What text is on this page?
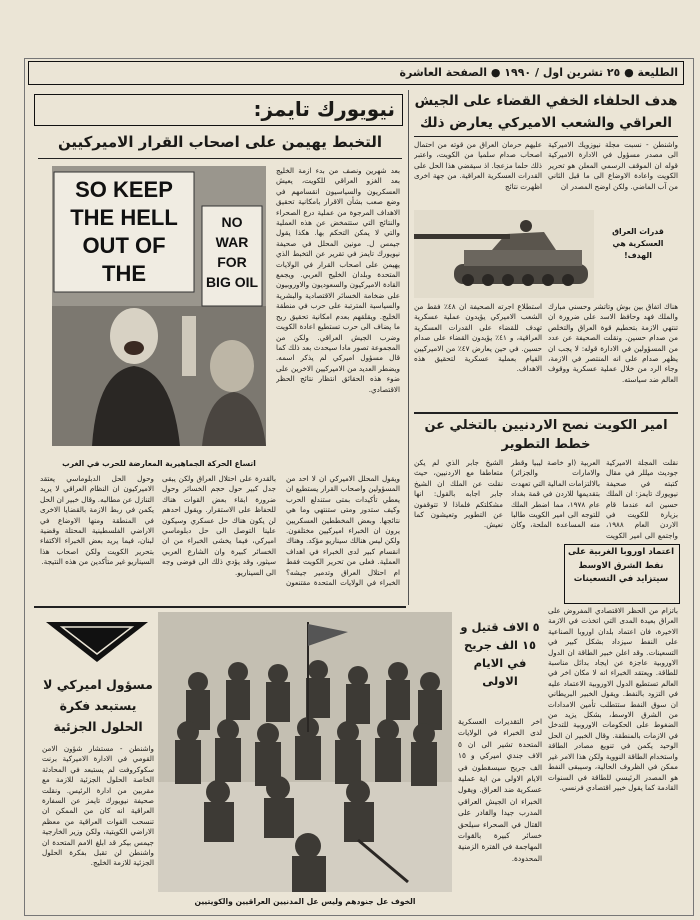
الطليعة ● ٢٥ تشرين اول / ١٩٩٠ ● الصفحة العاشرة
نيويورك تايمز:
التخبط يهيمن على اصحاب القرار الاميركيين
SO KEEP THE HELL OUT OF THE
NO WAR FOR BIG OIL
اتساع الحركة الجماهيرية المعارضة للحرب في الغرب
بعد شهرين ونصف من بدء ازمة الخليج بعد الغزو العراقي للكويت، يعيش العسكريون والسياسيون انقسامهم في وضع صعب بشأن الاقرار بامكانية تحقيق الاهداف المرجوة من عملية درع الصحراء والنتائج التي ستتمخض عن هذه العملية والتي لا يمكن التحكم بها. هكذا يقول جيمس ل. مونين المحلل في صحيفة نيويورك تايمز في تقرير عن التخبط الذي يهيمن على اصحاب القرار في الولايات المتحدة وبلدان الخليج العربي. ويجمع القادة الاميركيون والسعوديون والاوروبيون على ضخامة الخسائر الاقتصادية والبشرية والسياسية المترتبة على حرب في منطقة الخليج. ويقلقهم بعدم امكانية تحقيق ربح ما يضاف الى حرب تستطيع اعادة الكويت وضرب الجيش العراقي. ولكن من المجموعة تصور مادا سيحدث بعد ذلك كما قال مسؤول اميركي لم يذكر اسمه. ويضطر العديد من الاميركيين الاخرين على ضوء هذه الحقائق انتظار نتائج الحظر الاقتصادي.
ويقول المحلل الاميركي ان لا احد من المسؤولين واصحاب القرار يستطيع ان يعطي تأكيدات بمتى ستندلع الحرب وكيف ستدور ومتى ستنتهي وما هي نتائجها. وبعض المخططين العسكريين يرون ان الخبراء اميركيين مختلفون. ولكن ليس هنالك سيناريو مؤكد. وهناك انقسام كبير لدى الخبراء في اهداف العملية. فعلى من تحرير الكويت فقط ام احتلال العراق وتدمير جيشه؟ الخبراء في الولايات المتحدة مقتنعون بالقدرة على احتلال العراق ولكن يبقى جدل كبير حول حجم الخسائر وحول ضرورة ابقاء بعض القوات هناك للحفاظ على الاستقرار. ويقول احدهم لن يكون هناك حل عسكري وسيكون علينا التوصل الى حل دبلوماسي اميركي، فيما يخشى الخبراء من ان الخسائر كبيرة وان الشارع العربي سيثور، وقد يؤدي ذلك الى فوضى وجه الى السيناريو.
وحول الحل الدبلوماسي يعتقد الاميركيون ان النظام العراقي لا يريد التنازل عن مطالبه. وقال خبير ان الحل يكمن في ربط الازمة بالقضايا الاخرى في المنطقة ومنها الاوضاع في الاراضي الفلسطينية المحتلة وقضية لبنان، فيما يريد بعض الخبراء الاكتفاء بتحرير الكويت ولكن اصحاب هذا السيناريو غير متأكدين من هذه النتيجة.
مسؤول اميركي لا يستبعد فكرة الحلول الجزئية
واشنطن - مستشار شؤون الامن القومي في الادارة الاميركية برنت سكوكروفت لم يستبعد في المحادثة الخاصة الحلول الجزئية للازمة مع مقربين من ادارة الرئيس. ونقلت صحيفة نيويورك تايمز عن السفارة العراقية انه كان من الممكن ان تنسحب القوات العراقية من معظم الاراضي الكويتية، ولكن وزير الخارجية جيمس بيكر قد ابلغ الامم المتحدة ان واشنطن لن تقبل بفكرة الحلول الجزئية للازمة الخليج.
الخوف عل جنودهم وليس عل المدنيين العراقيين والكويتيين
٥ الاف قتيل و ١٥ الف جريح في الايام الاولى
اخر التقديرات العسكرية لدى الخبراء في الولايات المتحدة تشير الى ان ٥ الاف جندي اميركي و ١٥ الف جريح سيسقطون في الايام الاولى من اية عملية عسكرية ضد العراق. ويقول الخبراء ان الجيش العراقي المدرب جيدا والقادر على القتال في الصحراء سيلحق خسائر كبيرة بالقوات المهاجمة في الفترة الزمنية المحدودة.
هدف الحلفاء الخفي القضاء على الجيش العراقي والشعب الاميركي يعارض ذلك
واشنطن - نسبت مجلة نيوزويك الاميركية الى مصدر مسؤول في الادارة الاميركية قوله ان الموقف الرسمي المعلن هو تحرير الكويت واعادة الاوضاع الى ما قبل الثاني من آب الماضي. ولكن اوضح المصدر ان
عليهم حرمان العراق من قوته من احتمال اصحاب صدام سلميا من الكويت، واعتبر ذلك حلما مزعجا. اذ سيقضي هذا الحل على القدرات العسكرية العراقية. من جهة اخرى اظهرت نتائج
قدرات العراق العسكرية هي الهدف!
استطلاع اجرته الصحيفة ان ٤٨٪ فقط من الشعب الاميركي يؤيدون عملية عسكرية تهدف للقضاء على القدرات العسكرية العراقية، و ٤١٪ يؤيدون القضاء على صدام حسين. في حين يعارض ٤٧٪ من الاميركيين القيام بعملية عسكرية لتحقيق هذه الاهداف.
هناك اتفاق بين بوش وتاتشر وحسني مبارك والملك فهد وحافظ الاسد على ضرورة ان تنتهي الازمة بتحطيم قوة العراق والتخلص من صدام حسين. ونقلت الصحيفة عن عدد من المسؤولين في الادارة قوله: لا يجب ان يظهر صدام على انه المنتصر في الازمة، وجاء الرد من خلال عملية عسكرية ووقوف العالم ضد سياسته.
امير الكويت نصح الاردنيين بالتخلي عن خطط التطوير
العربية (او خاصة ليبيا وقطر والامارات والجزائر) بالالتزامات المالية التي تعهدت بتقديمها للاردن في قمة بغداد عام ١٩٧٨، مما اضطر الملك للتوجه الى امير الكويت طالبا منه المساعدة الملحة، وكان الشيخ جابر الذي لم يكن متعاطفا مع الاردنيين، حيث نقلت عن الملك ان الشيخ جابر اجابه بالقول: انها مشكلتكم فلماذا لا تتوقفون عن التطوير وتعيشون كما نعيش.
نقلت المجلة الاميركية جوديث ميللر في مقال كتبته في صحيفة نيويورك تايمز: ان الملك حسين انه عندما قام بزيارة للكويت في الاردن العام ١٩٨٨، واجتمع الى امير الكويت
اعتماد اوروبا الغربية على نفط الشرق الاوسط سيتزايد في التسعينات
باتزام من الحظر الاقتصادي المفروض على العراق بعيدة المدى التي اتخذت في الازمة الاخيرة، فان اعتماد بلدان اوروبا الصناعية على النفط سيزداد بشكل كبير في التسعينات. وقد اعلن خبير الطاقة ان الدول الاوروبية عاجزة عن ايجاد بدائل مناسبة للطاقة. ويعتقد الخبراء انه لا مكان اخر في العالم تستطيع الدول الاوروبية الاعتماد عليه في التزود بالنفط. ويقول الخبير البريطاني ان سوق النفط ستتطلب تأمين الامدادات من الشرق الاوسط، بشكل يزيد من الضغوط على الحكومات الاوروبية للتدخل في الازمات بالمنطقة. وقال الخبير ان الحل الوحيد يكمن في تنويع مصادر الطاقة واستخدام الطاقة النووية ولكن هذا الامر غير ممكن في الظروف الحالية، وسيبقى النفط هو المصدر الرئيسي للطاقة في السنوات القادمة كما يقول خبير اقتصادي فرنسي.
